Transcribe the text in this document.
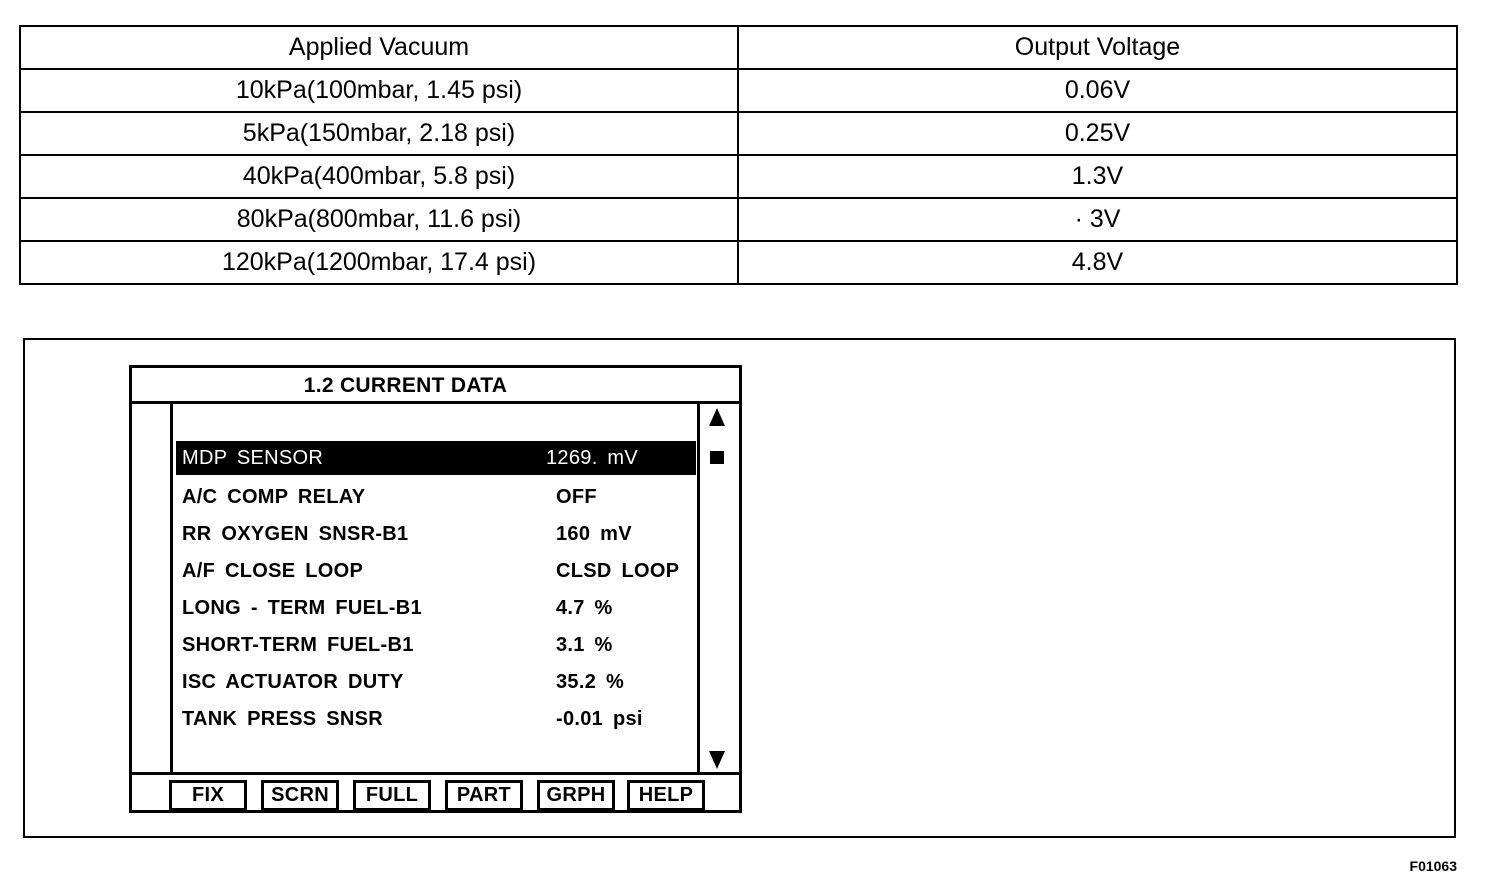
Applied Vacuum	Output Voltage
10kPa(100mbar, 1.45 psi)	0.06V
5kPa(150mbar, 2.18 psi)	0.25V
40kPa(400mbar, 5.8 psi)	1.3V
80kPa(800mbar, 11.6 psi)	· 3V
120kPa(1200mbar, 17.4 psi)	4.8V
1.2 CURRENT DATA
MDP SENSOR	1269. mV
A/C COMP RELAY	OFF
RR OXYGEN SNSR-B1	160 mV
A/F CLOSE LOOP	CLSD LOOP
LONG - TERM FUEL-B1	4.7 %
SHORT-TERM FUEL-B1	3.1 %
ISC ACTUATOR DUTY	35.2 %
TANK PRESS SNSR	-0.01 psi
FIX	SCRN	FULL	PART	GRPH	HELP
F01063
